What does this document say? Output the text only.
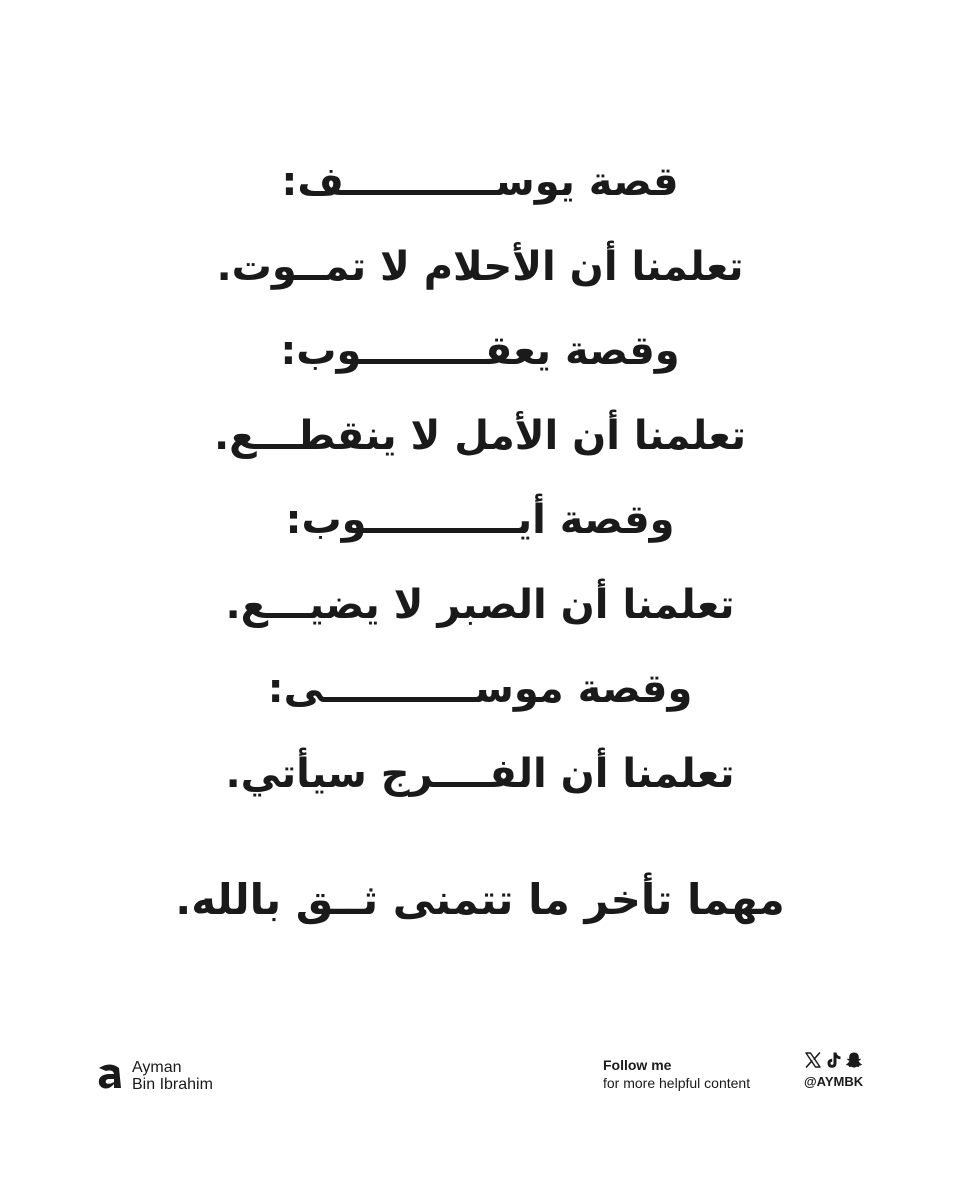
قصة يوســـــــــــف:
تعلمنا أن الأحلام لا تمــوت.
وقصة يعقـــــــــوب:
تعلمنا أن الأمل لا ينقطـــع.
وقصة أيـــــــــــوب:
تعلمنا أن الصبر لا يضيـــع.
وقصة موســـــــــــى:
تعلمنا أن الفــــرج سيأتي.
مهما تأخر ما تتمنى ثــق بالله.
Ayman
Bin Ibrahim
Follow me
for more helpful content	@AYMBK
